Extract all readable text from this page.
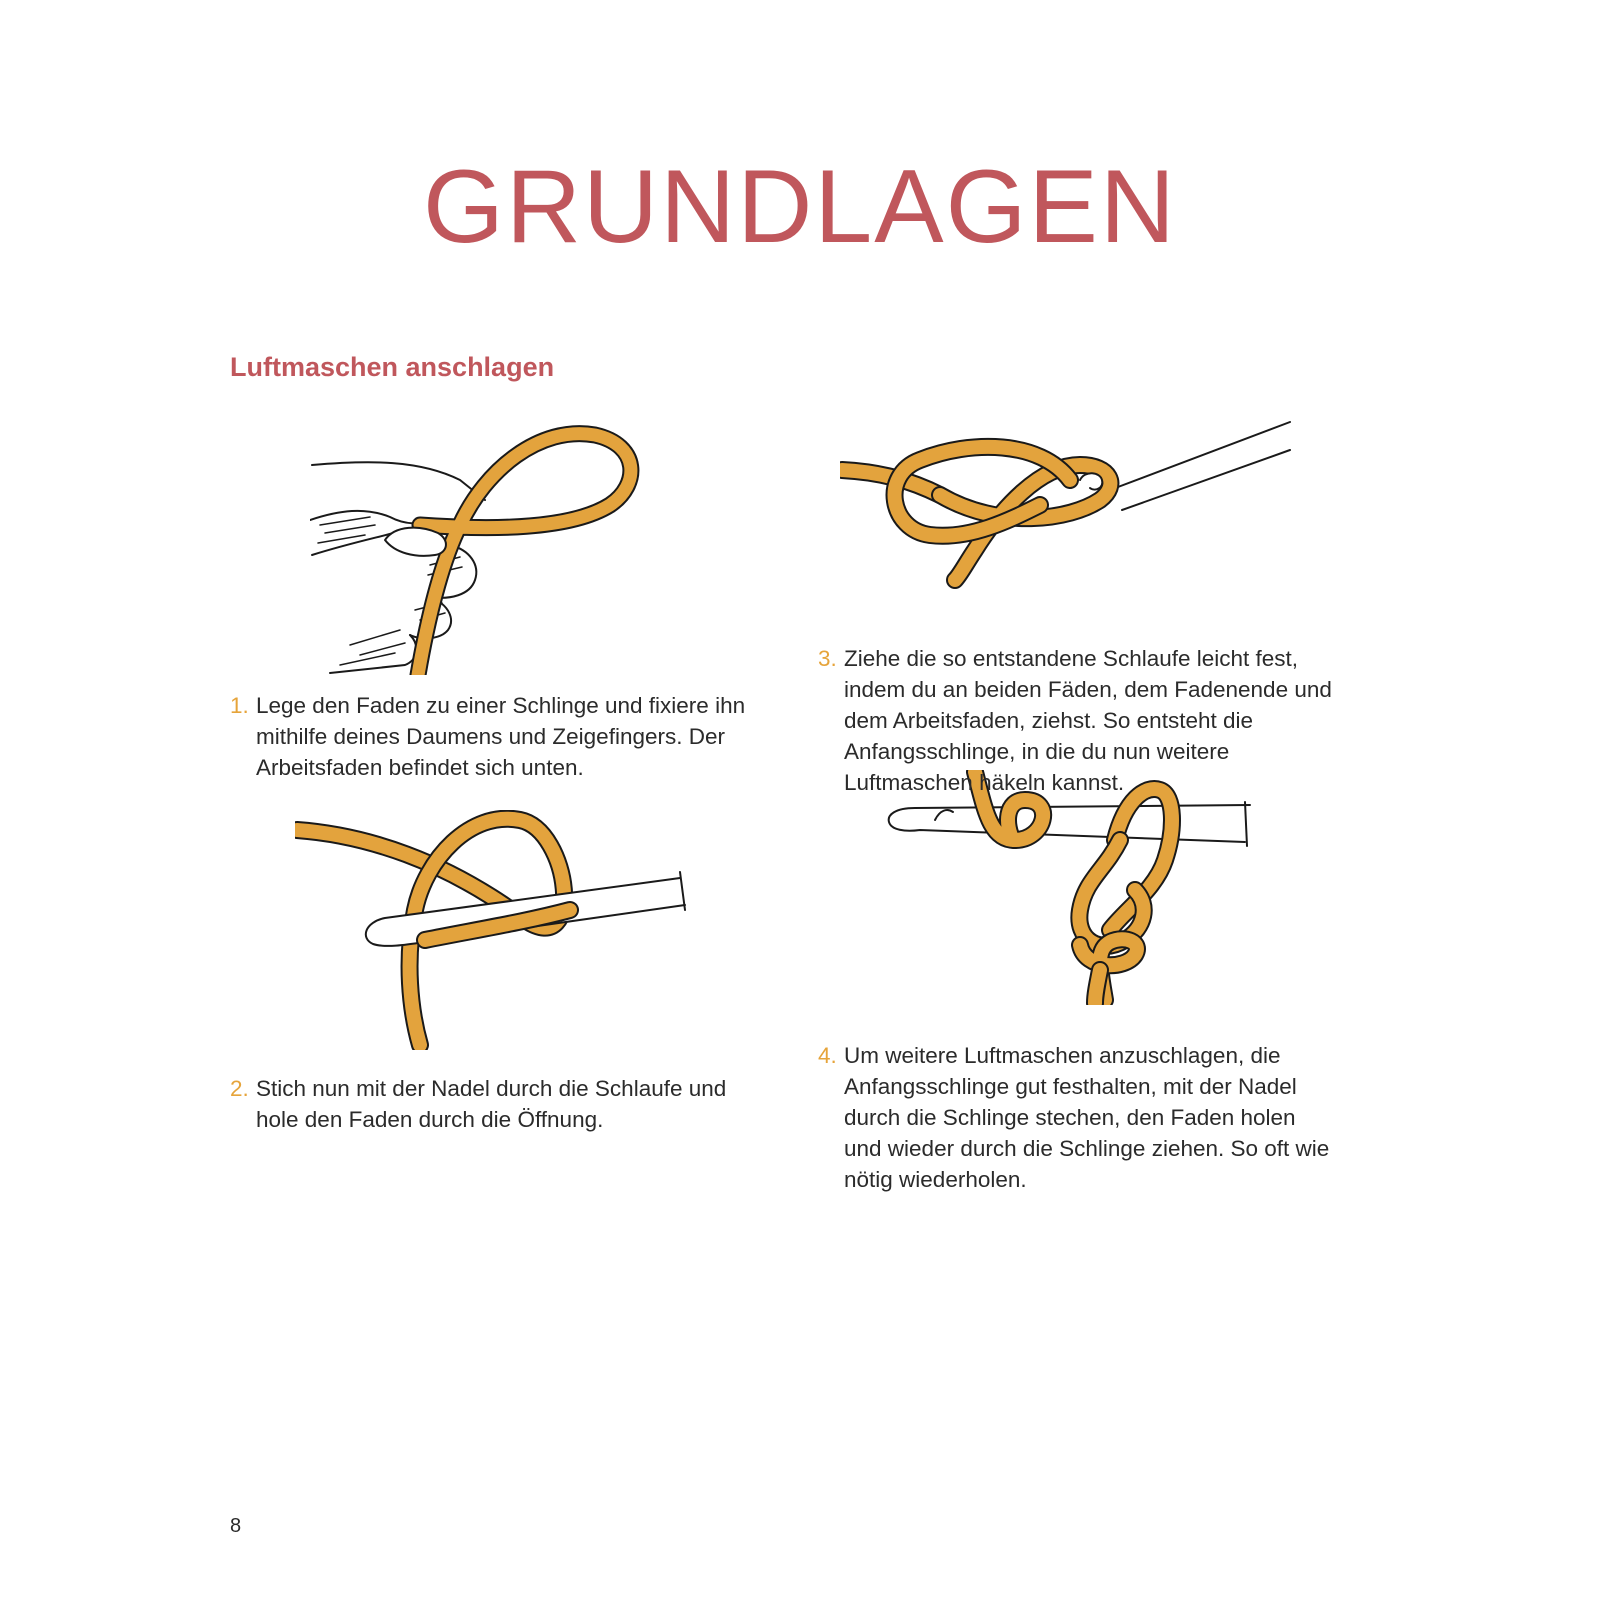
GRUNDLAGEN
Luftmaschen anschlagen
1. Lege den Faden zu einer Schlinge und fixiere ihn mithilfe deines Daumens und Zeigefingers. Der Arbeitsfaden befindet sich unten.
2. Stich nun mit der Nadel durch die Schlaufe und hole den Faden durch die Öffnung.
3. Ziehe die so entstandene Schlaufe leicht fest, indem du an beiden Fäden, dem Fadenende und dem Arbeitsfaden, ziehst. So entsteht die Anfangsschlinge, in die du nun weitere Luftmaschen häkeln kannst.
4. Um weitere Luftmaschen anzuschlagen, die Anfangsschlinge gut festhalten, mit der Nadel durch die Schlinge stechen, den Faden holen und wieder durch die Schlinge ziehen. So oft wie nötig wiederholen.
8
